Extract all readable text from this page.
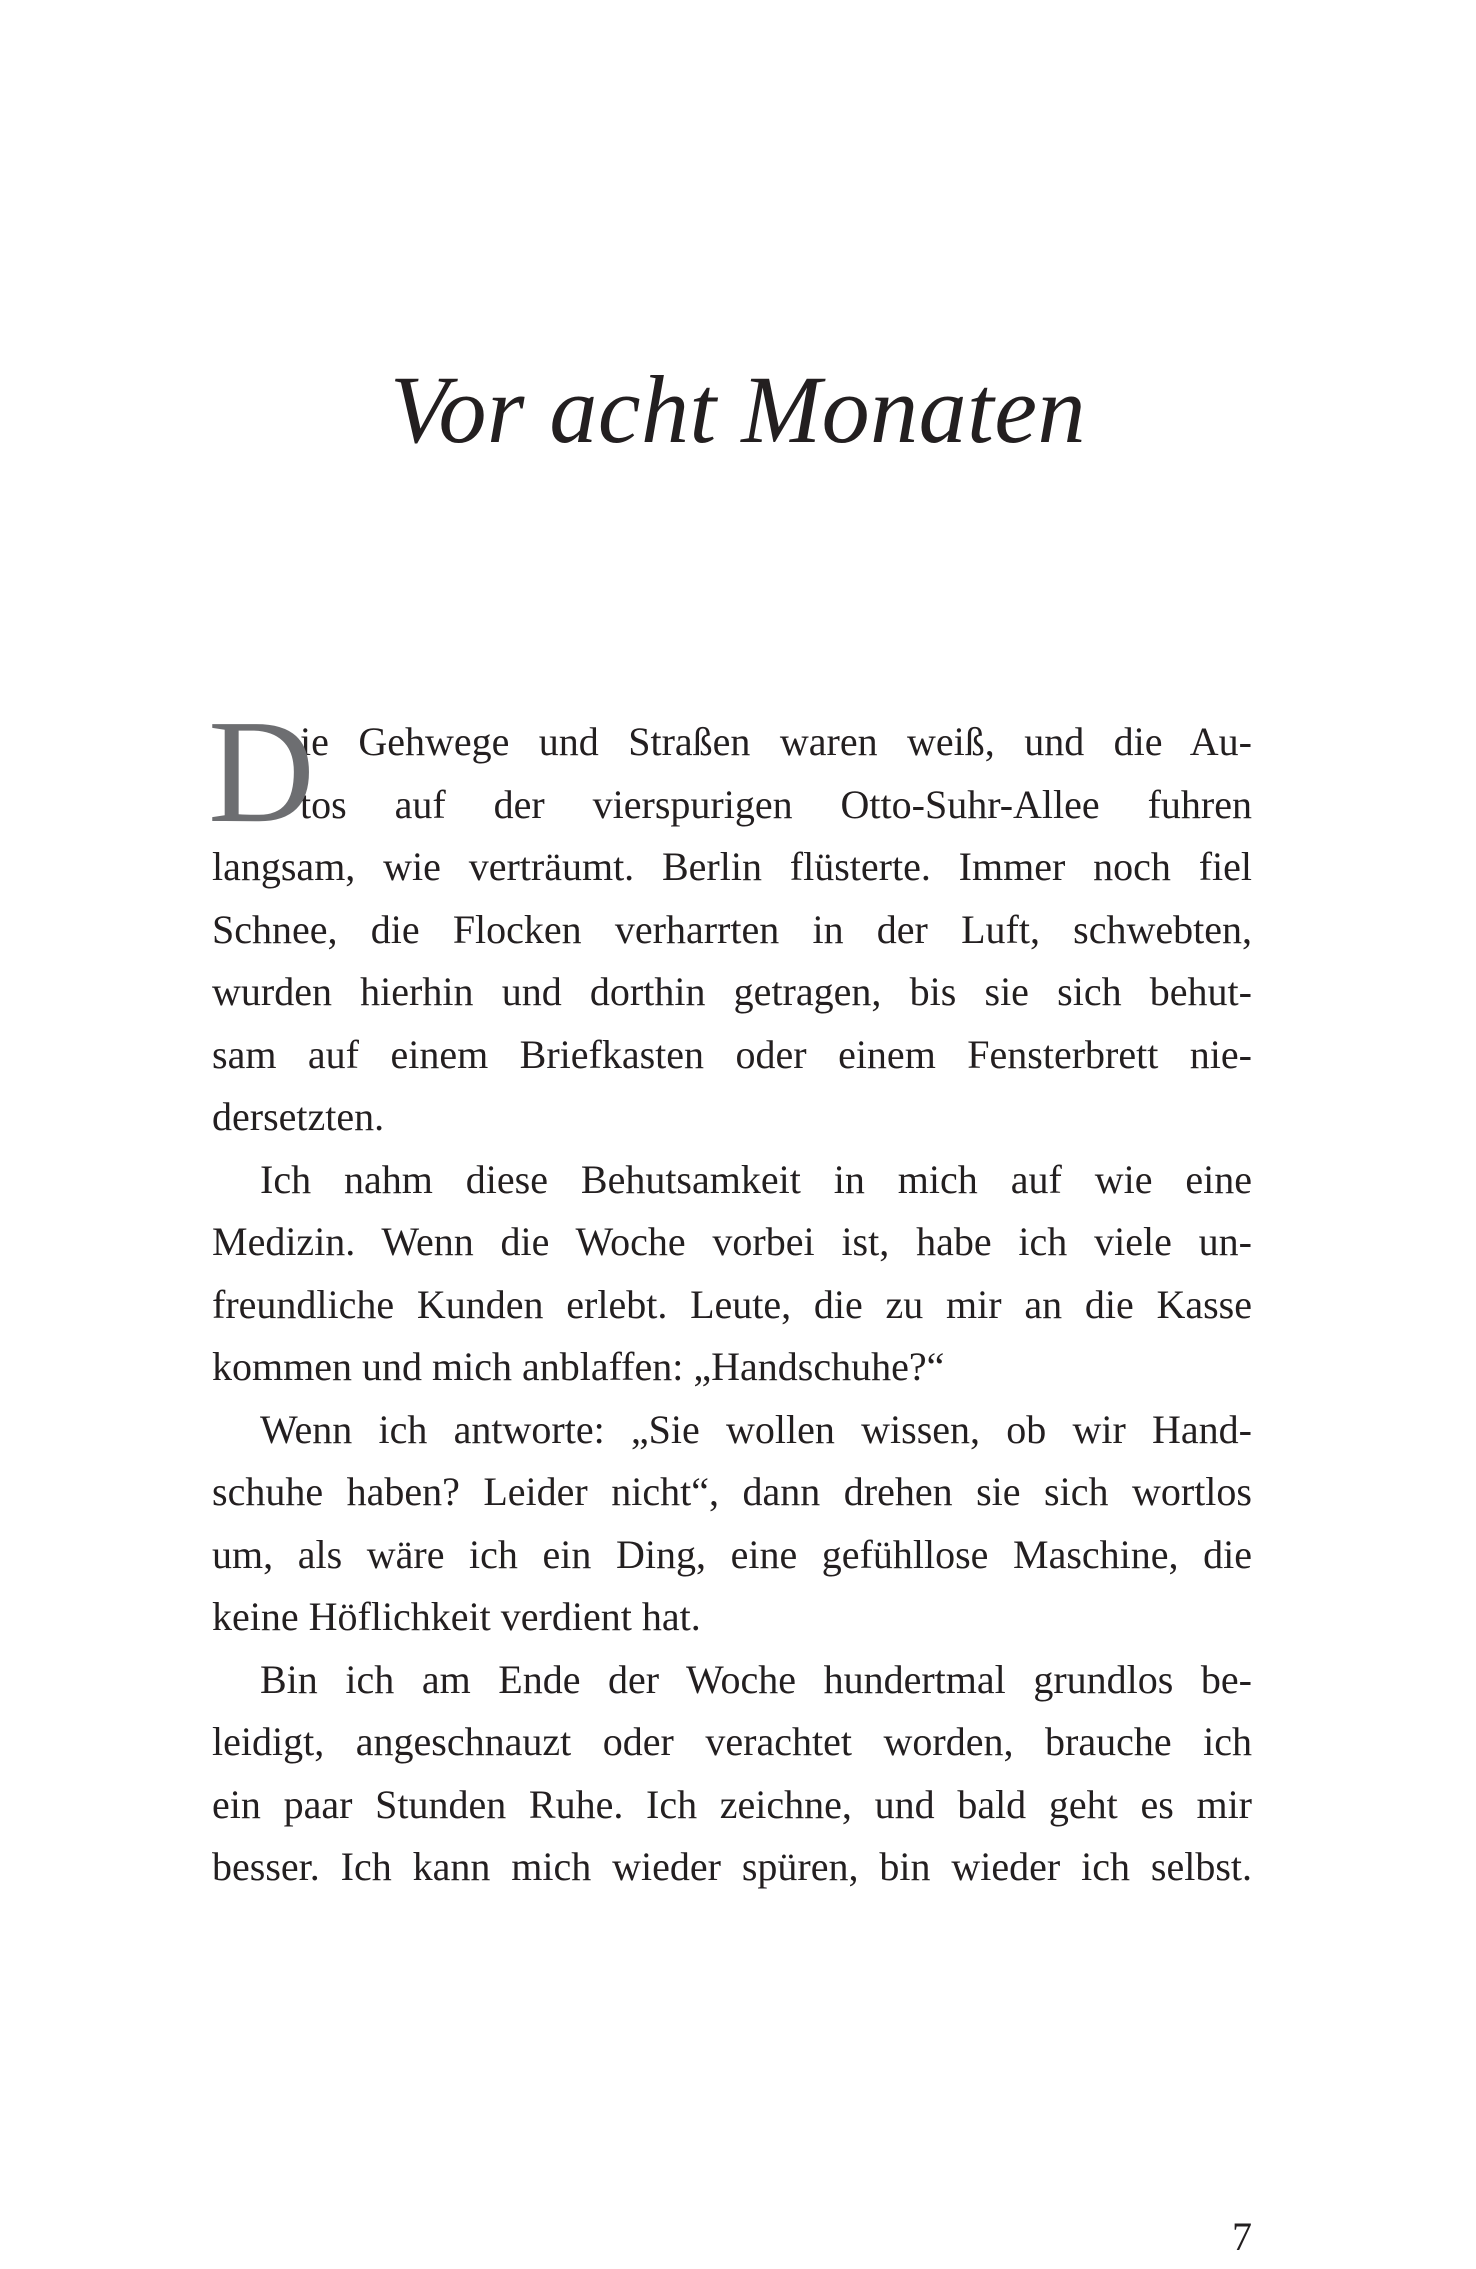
Vor acht Monaten
D
ie Gehwege und Straßen waren weiß, und die Au-
tos auf der vierspurigen Otto-Suhr-Allee fuhren
langsam, wie verträumt. Berlin flüsterte. Immer noch fiel
Schnee, die Flocken verharrten in der Luft, schwebten,
wurden hierhin und dorthin getragen, bis sie sich behut-
sam auf einem Briefkasten oder einem Fensterbrett nie-
dersetzten.
Ich nahm diese Behutsamkeit in mich auf wie eine
Medizin. Wenn die Woche vorbei ist, habe ich viele un-
freundliche Kunden erlebt. Leute, die zu mir an die Kasse
kommen und mich anblaffen: „Handschuhe?“
Wenn ich antworte: „Sie wollen wissen, ob wir Hand-
schuhe haben? Leider nicht“, dann drehen sie sich wortlos
um, als wäre ich ein Ding, eine gefühllose Maschine, die
keine Höflichkeit verdient hat.
Bin ich am Ende der Woche hundertmal grundlos be-
leidigt, angeschnauzt oder verachtet worden, brauche ich
ein paar Stunden Ruhe. Ich zeichne, und bald geht es mir
besser. Ich kann mich wieder spüren, bin wieder ich selbst.
7
